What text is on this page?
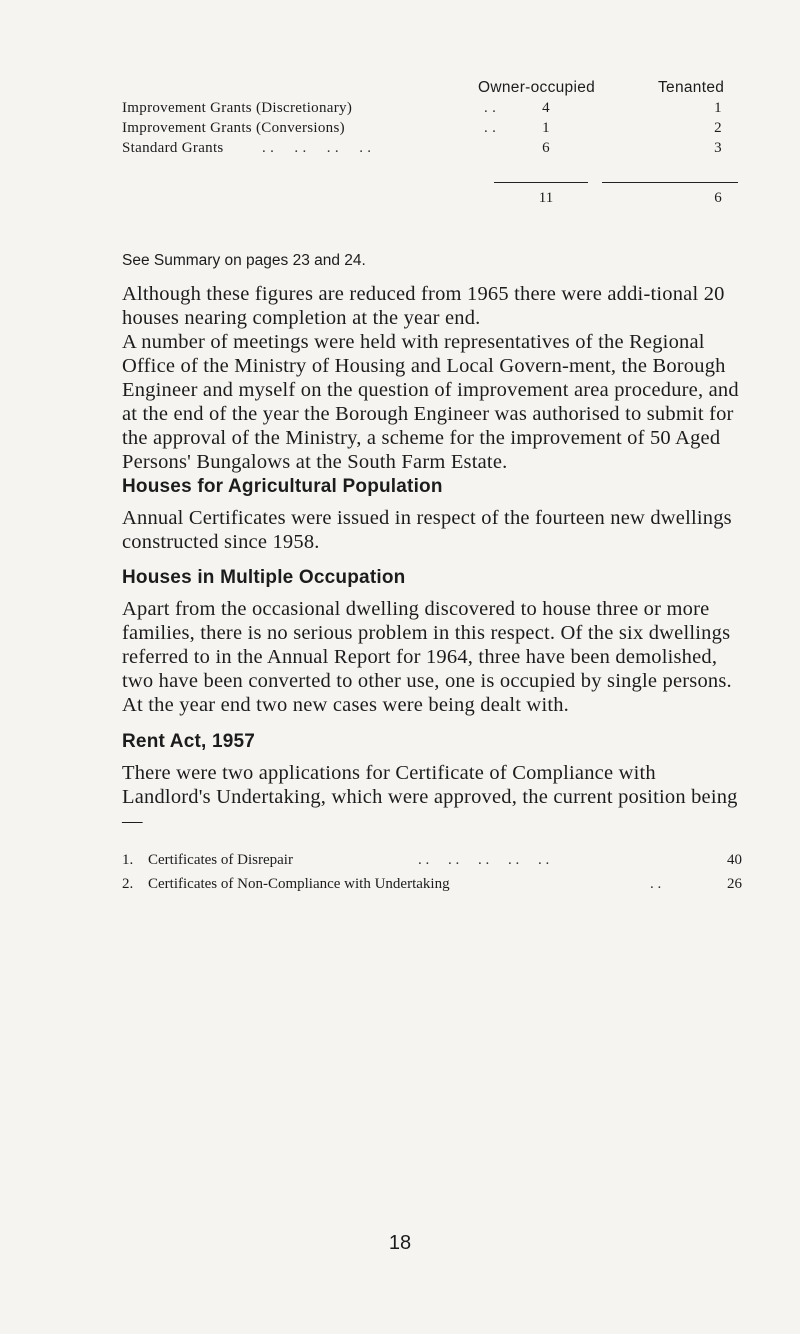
Owner-occupied	Tenanted
Improvement Grants (Discretionary)	. .	4	1
Improvement Grants (Conversions)	. .	1	2
Standard Grants	. .     . .     . .     . .	6	3
11	6
See Summary on pages 23 and 24.

Although these figures are reduced from 1965 there were addi-tional 20 houses nearing completion at the year end.

A number of meetings were held with representatives of the Regional Office of the Ministry of Housing and Local Govern-ment, the Borough Engineer and myself on the question of improvement area procedure, and at the end of the year the Borough Engineer was authorised to submit for the approval of the Ministry, a scheme for the improvement of 50 Aged Persons' Bungalows at the South Farm Estate.

Houses for Agricultural Population

Annual Certificates were issued in respect of the fourteen new dwellings constructed since 1958.

Houses in Multiple Occupation

Apart from the occasional dwelling discovered to house three or more families, there is no serious problem in this respect. Of the six dwellings referred to in the Annual Report for 1964, three have been demolished, two have been converted to other use, one is occupied by single persons. At the year end two new cases were being dealt with.

Rent Act, 1957

There were two applications for Certificate of Compliance with Landlord's Undertaking, which were approved, the current position being—

1. Certificates of Disrepair	. .     . .     . .     . .     . .	40
2. Certificates of Non-Compliance with Undertaking	. .	26
18
